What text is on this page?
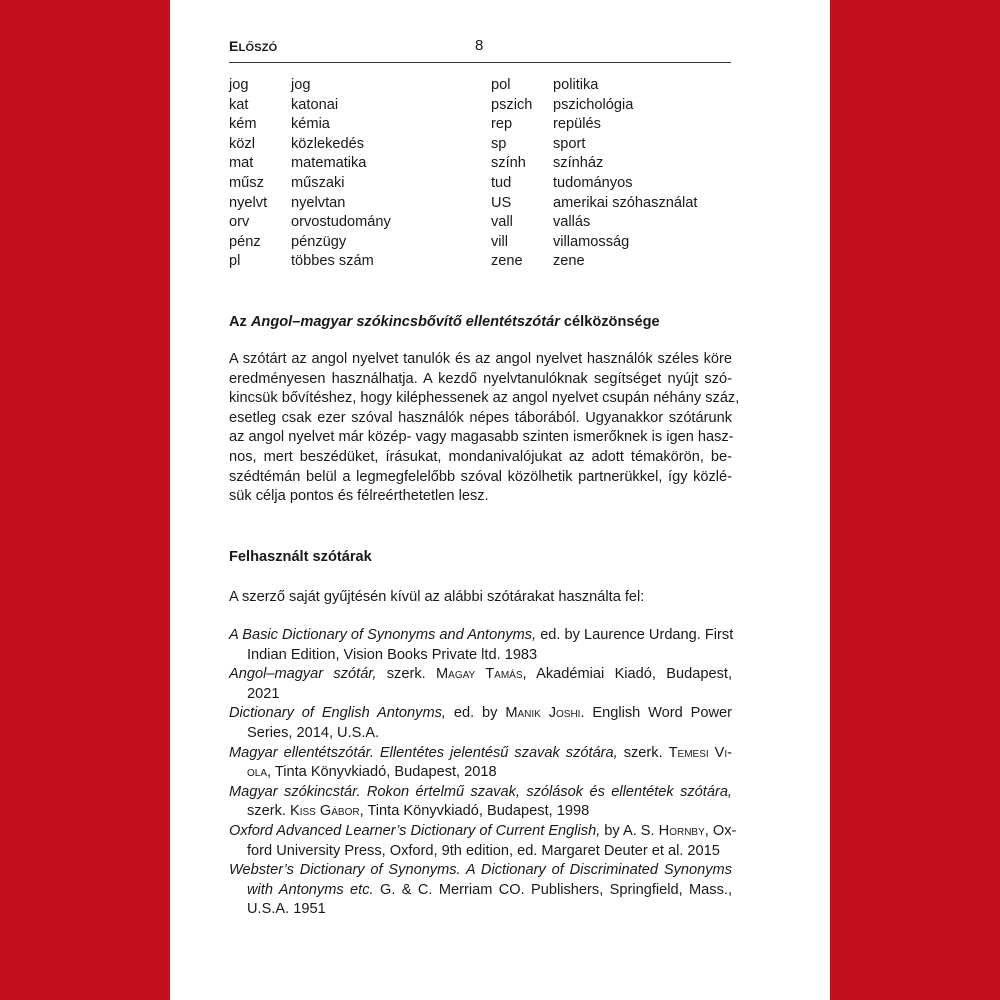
ELŐSZÓ	8
jog	jog
kat	katonai
kém	kémia
közl	közlekedés
mat	matematika
műsz	műszaki
nyelvt	nyelvtan
orv	orvostudomány
pénz	pénzügy
pl	többes szám
pol	politika
pszich	pszichológia
rep	repülés
sp	sport
szính	színház
tud	tudományos
US	amerikai szóhasználat
vall	vallás
vill	villamosság
zene	zene
Az Angol–magyar szókincsbővítő ellentétszótár célközönsége
A szótárt az angol nyelvet tanulók és az angol nyelvet használók széles köre
eredményesen használhatja. A kezdő nyelvtanulóknak segítséget nyújt szó-
kincsük bővítéshez, hogy kiléphessenek az angol nyelvet csupán néhány száz,
esetleg csak ezer szóval használók népes táborából. Ugyanakkor szótárunk
az angol nyelvet már közép- vagy magasabb szinten ismerőknek is igen hasz-
nos, mert beszédüket, írásukat, mondanivalójukat az adott témakörön, be-
szédtémán belül a legmegfelelőbb szóval közölhetik partnerükkel, így közlé-
sük célja pontos és félreérthetetlen lesz.
Felhasznált szótárak
A szerző saját gyűjtésén kívül az alábbi szótárakat használta fel:
A Basic Dictionary of Synonyms and Antonyms, ed. by Laurence Urdang. First
Indian Edition, Vision Books Private ltd. 1983
Angol–magyar szótár, szerk. Magay Tamás, Akadémiai Kiadó, Budapest,
2021
Dictionary of English Antonyms, ed. by Manik Joshi. English Word Power
Series, 2014, U.S.A.
Magyar ellentétszótár. Ellentétes jelentésű szavak szótára, szerk. Temesi Vi-
ola, Tinta Könyvkiadó, Budapest, 2018
Magyar szókincstár. Rokon értelmű szavak, szólások és ellentétek szótára,
szerk. Kiss Gábor, Tinta Könyvkiadó, Budapest, 1998
Oxford Advanced Learner’s Dictionary of Current English, by A. S. Hornby, Ox-
ford University Press, Oxford, 9th edition, ed. Margaret Deuter et al. 2015
Webster’s Dictionary of Synonyms. A Dictionary of Discriminated Synonyms
with Antonyms etc. G. & C. Merriam CO. Publishers, Springfield, Mass.,
U.S.A. 1951
